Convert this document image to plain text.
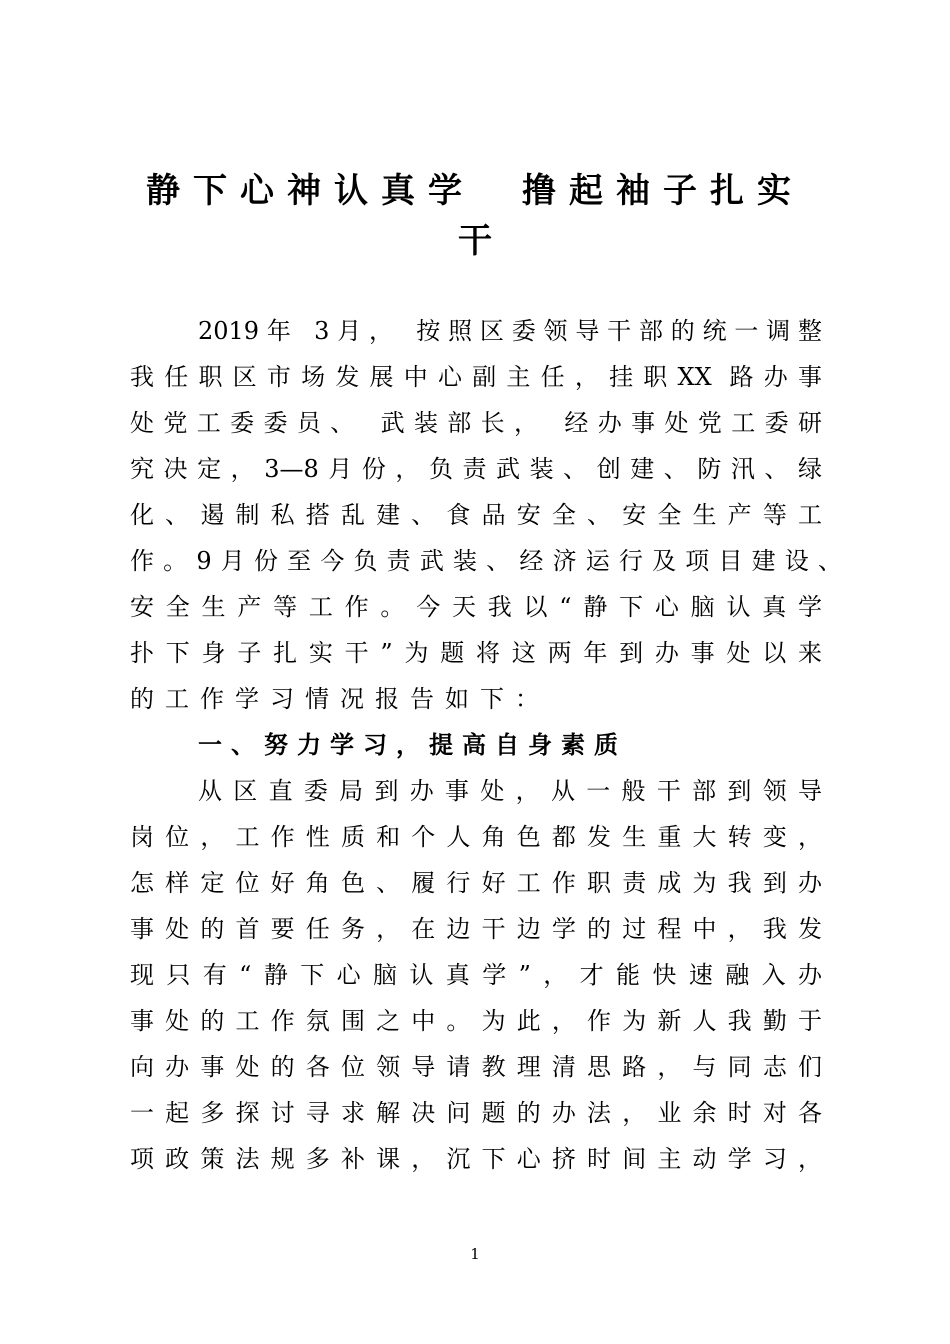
静下心神认真学　撸起袖子扎实
干
2019年 3月， 按照区委领导干部的统一调整
我任职区市场发展中心副主任，挂职XX 路办事
处党工委委员、 武装部长， 经办事处党工委研
究决定，3—8月份，负责武装、创建、防汛、绿
化、遏制私搭乱建、食品安全、安全生产等工
作。9月份至今负责武装、经济运行及项目建设、
安全生产等工作。今天我以“静下心脑认真学
扑下身子扎实干”为题将这两年到办事处以来
的工作学习情况报告如下：
一、努力学习，提高自身素质
从区直委局到办事处，从一般干部到领导
岗位，工作性质和个人角色都发生重大转变，
怎样定位好角色、履行好工作职责成为我到办
事处的首要任务，在边干边学的过程中，我发
现只有“静下心脑认真学”，才能快速融入办
事处的工作氛围之中。为此，作为新人我勤于
向办事处的各位领导请教理清思路，与同志们
一起多探讨寻求解决问题的办法，业余时对各
项政策法规多补课，沉下心挤时间主动学习，
1
